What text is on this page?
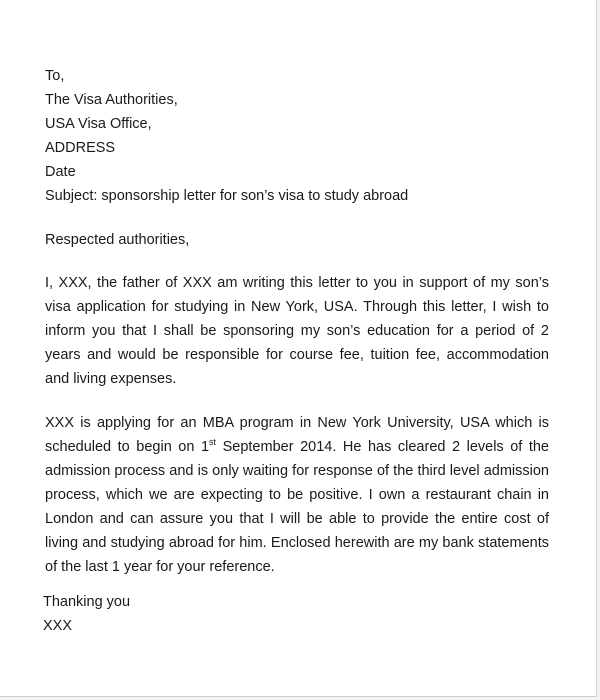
To,
The Visa Authorities,
USA Visa Office,
ADDRESS
Date
Subject: sponsorship letter for son’s visa to study abroad
Respected authorities,

I, XXX, the father of XXX am writing this letter to you in support of my son’s visa application for studying in New York, USA. Through this letter, I wish to inform you that I shall be sponsoring my son’s education for a period of 2 years and would be responsible for course fee, tuition fee, accommodation and living expenses.

XXX is applying for an MBA program in New York University, USA which is scheduled to begin on 1st September 2014. He has cleared 2 levels of the admission process and is only waiting for response of the third level admission process, which we are expecting to be positive. I own a restaurant chain in London and can assure you that I will be able to provide the entire cost of living and studying abroad for him. Enclosed herewith are my bank statements of the last 1 year for your reference.

Thanking you
XXX
